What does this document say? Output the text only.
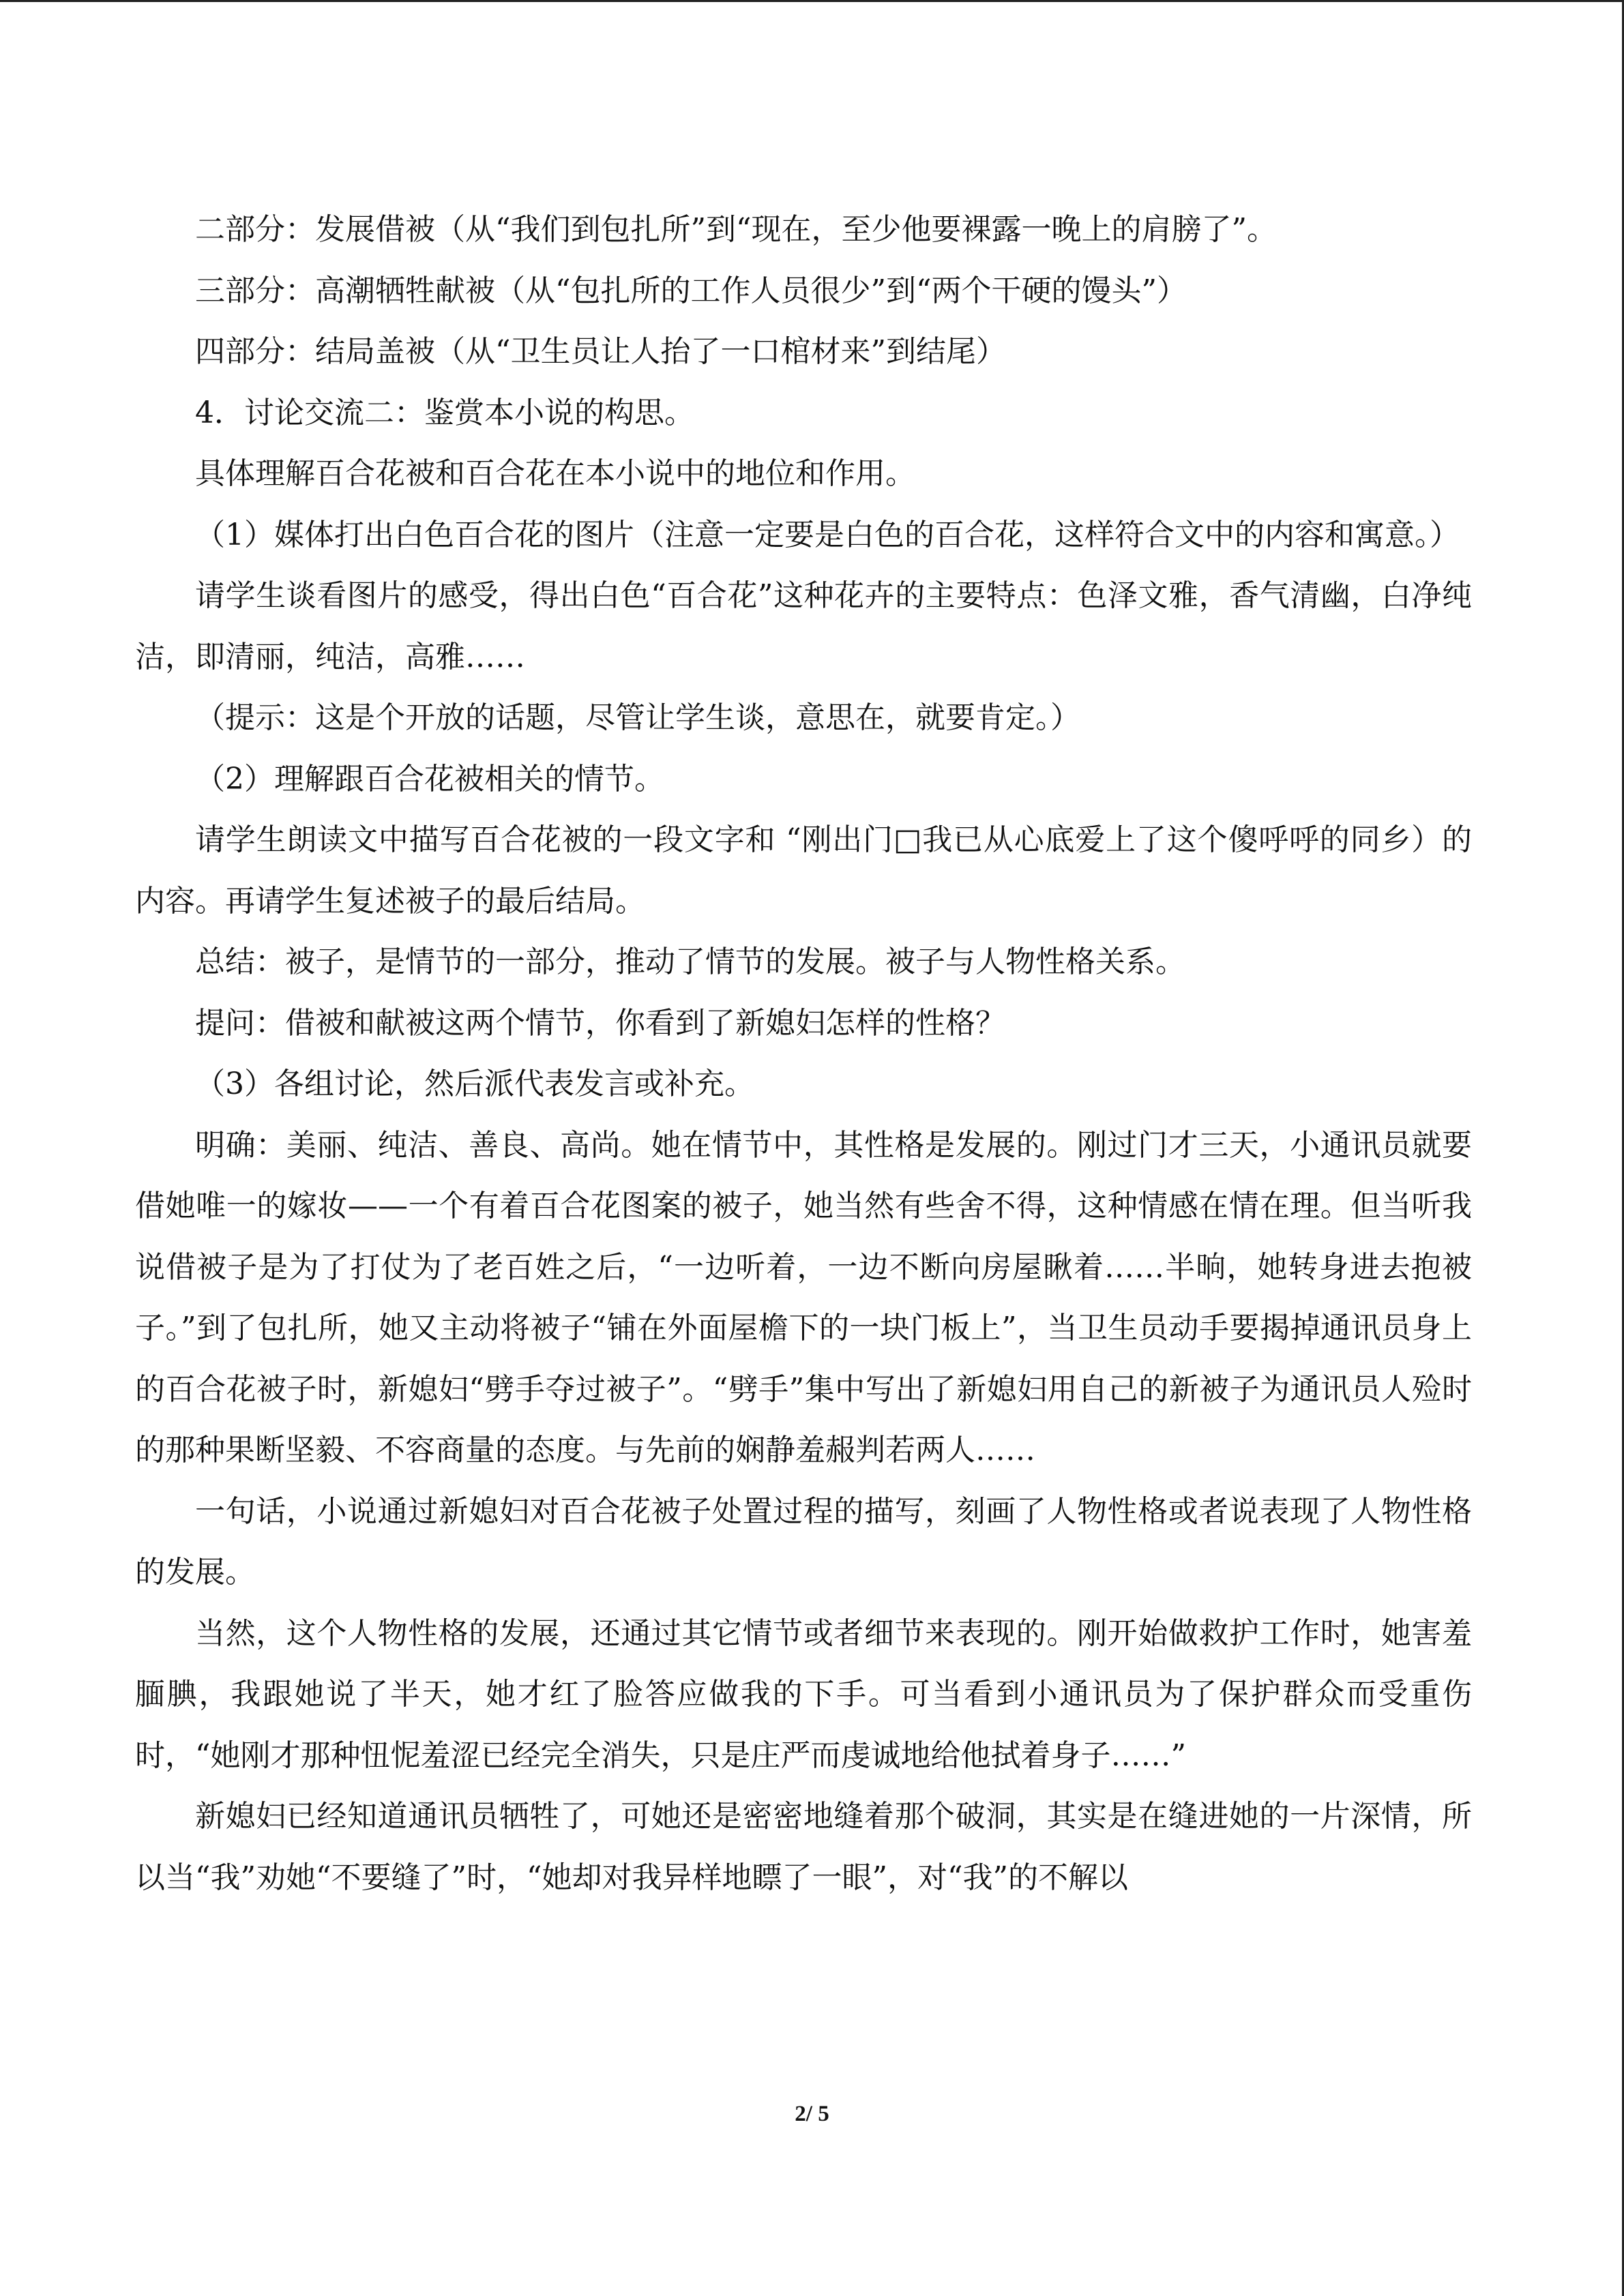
二部分：发展借被（从“我们到包扎所”到“现在，至少他要裸露一晚上的肩膀了”。

三部分：高潮牺牲献被（从“包扎所的工作人员很少”到“两个干硬的馒头”）

四部分：结局盖被（从“卫生员让人抬了一口棺材来”到结尾）

4．讨论交流二：鉴赏本小说的构思。

具体理解百合花被和百合花在本小说中的地位和作用。

（1）媒体打出白色百合花的图片（注意一定要是白色的百合花，这样符合文中的内容和寓意。）

请学生谈看图片的感受，得出白色“百合花”这种花卉的主要特点：色泽文雅，香气清幽，白净纯洁，即清丽，纯洁，高雅……

（提示：这是个开放的话题，尽管让学生谈，意思在，就要肯定。）

（2）理解跟百合花被相关的情节。

请学生朗读文中描写百合花被的一段文字和 “刚出门□我已从心底爱上了这个傻呼呼的同乡）的内容。再请学生复述被子的最后结局。

总结：被子，是情节的一部分，推动了情节的发展。被子与人物性格关系。

提问：借被和献被这两个情节，你看到了新媳妇怎样的性格？

（3）各组讨论，然后派代表发言或补充。

明确：美丽、纯洁、善良、高尚。她在情节中，其性格是发展的。刚过门才三天，小通讯员就要借她唯一的嫁妆——一个有着百合花图案的被子，她当然有些舍不得，这种情感在情在理。但当听我说借被子是为了打仗为了老百姓之后，“一边听着，一边不断向房屋瞅着……半晌，她转身进去抱被子。”到了包扎所，她又主动将被子“铺在外面屋檐下的一块门板上”，当卫生员动手要揭掉通讯员身上的百合花被子时，新媳妇“劈手夺过被子”。“劈手”集中写出了新媳妇用自己的新被子为通讯员人殓时的那种果断坚毅、不容商量的态度。与先前的娴静羞赧判若两人……

一句话，小说通过新媳妇对百合花被子处置过程的描写，刻画了人物性格或者说表现了人物性格的发展。

当然，这个人物性格的发展，还通过其它情节或者细节来表现的。刚开始做救护工作时，她害羞腼腆，我跟她说了半天，她才红了脸答应做我的下手。可当看到小通讯员为了保护群众而受重伤时，“她刚才那种忸怩羞涩已经完全消失，只是庄严而虔诚地给他拭着身子……”

新媳妇已经知道通讯员牺牲了，可她还是密密地缝着那个破洞，其实是在缝进她的一片深情，所以当“我”劝她“不要缝了”时，“她却对我异样地瞟了一眼”，对“我”的不解以

2/ 5
